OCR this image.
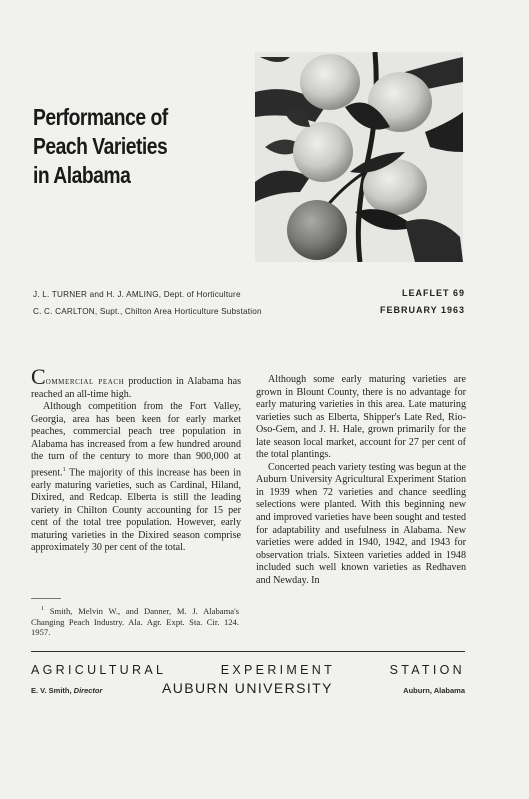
Performance of
Peach Varieties
in Alabama
J. L. TURNER and H. J. AMLING, Dept. of Horticulture
C. C. CARLTON, Supt., Chilton Area Horticulture Substation
LEAFLET 69
FEBRUARY 1963

Commercial peach production in Alabama has reached an all-time high.

Although competition from the Fort Valley, Georgia, area has been keen for early market peaches, commercial peach tree population in Alabama has increased from a few hundred around the turn of the century to more than 900,000 at present.$^1$ The majority of this increase has been in early maturing varieties, such as Cardinal, Hiland, Dixired, and Redcap. Elberta is still the leading variety in Chilton County accounting for 15 per cent of the total tree population. However, early maturing varieties in the Dixired season comprise approximately 30 per cent of the total.

$^1$ Smith, Melvin W., and Danner, M. J. Alabama's Changing Peach Industry. Ala. Agr. Expt. Sta. Cir. 124. 1957.

Although some early maturing varieties are grown in Blount County, there is no advantage for early maturing varieties in this area. Late maturing varieties such as Elberta, Shipper's Late Red, Rio-Oso-Gem, and J. H. Hale, grown primarily for the late season local market, account for 27 per cent of the total plantings.

Concerted peach variety testing was begun at the Auburn University Agricultural Experiment Station in 1939 when 72 varieties and chance seedling selections were planted. With this beginning new and improved varieties have been sought and tested for adaptability and usefulness in Alabama. New varieties were added in 1940, 1942, and 1943 for observation trials. Sixteen varieties added in 1948 included such well known varieties as Redhaven and Newday. In

AGRICULTURAL	EXPERIMENT	STATION
E. V. Smith, Director	AUBURN UNIVERSITY	Auburn, Alabama
